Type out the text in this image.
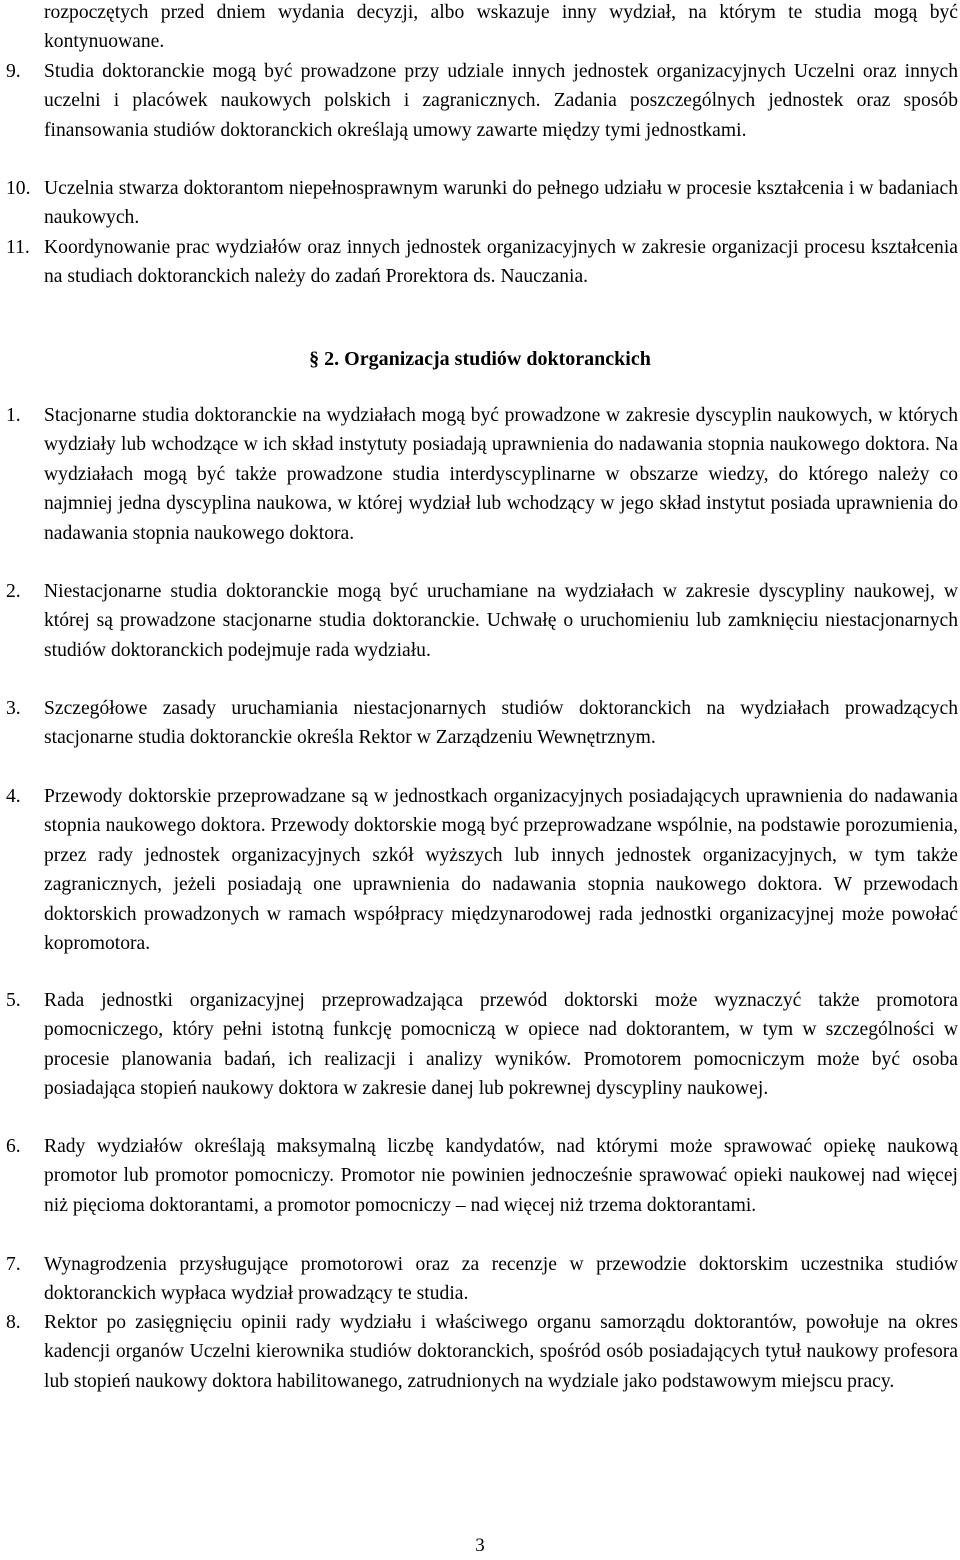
rozpoczętych przed dniem wydania decyzji, albo wskazuje inny wydział, na którym te studia mogą być kontynuowane.
9. Studia doktoranckie mogą być prowadzone przy udziale innych jednostek organizacyjnych Uczelni oraz innych uczelni i placówek naukowych polskich i zagranicznych. Zadania poszczególnych jednostek oraz sposób finansowania studiów doktoranckich określają umowy zawarte między tymi jednostkami.
10. Uczelnia stwarza doktorantom niepełnosprawnym warunki do pełnego udziału w procesie kształcenia i w badaniach naukowych.
11. Koordynowanie prac wydziałów oraz innych jednostek organizacyjnych w zakresie organizacji procesu kształcenia na studiach doktoranckich należy do zadań Prorektora ds. Nauczania.
§ 2. Organizacja studiów doktoranckich
1. Stacjonarne studia doktoranckie na wydziałach mogą być prowadzone w zakresie dyscyplin naukowych, w których wydziały lub wchodzące w ich skład instytuty posiadają uprawnienia do nadawania stopnia naukowego doktora. Na wydziałach mogą być także prowadzone studia interdyscyplinarne w obszarze wiedzy, do którego należy co najmniej jedna dyscyplina naukowa, w której wydział lub wchodzący w jego skład instytut posiada uprawnienia do nadawania stopnia naukowego doktora.
2. Niestacjonarne studia doktoranckie mogą być uruchamiane na wydziałach w zakresie dyscypliny naukowej, w której są prowadzone stacjonarne studia doktoranckie. Uchwałę o uruchomieniu lub zamknięciu niestacjonarnych studiów doktoranckich podejmuje rada wydziału.
3. Szczegółowe zasady uruchamiania niestacjonarnych studiów doktoranckich na wydziałach prowadzących stacjonarne studia doktoranckie określa Rektor w Zarządzeniu Wewnętrznym.
4. Przewody doktorskie przeprowadzane są w jednostkach organizacyjnych posiadających uprawnienia do nadawania stopnia naukowego doktora. Przewody doktorskie mogą być przeprowadzane wspólnie, na podstawie porozumienia, przez rady jednostek organizacyjnych szkół wyższych lub innych jednostek organizacyjnych, w tym także zagranicznych, jeżeli posiadają one uprawnienia do nadawania stopnia naukowego doktora. W przewodach doktorskich prowadzonych w ramach współpracy międzynarodowej rada jednostki organizacyjnej może powołać kopromotora.
5. Rada jednostki organizacyjnej przeprowadzająca przewód doktorski może wyznaczyć także promotora pomocniczego, który pełni istotną funkcję pomocniczą w opiece nad doktorantem, w tym w szczególności w procesie planowania badań, ich realizacji i analizy wyników. Promotorem pomocniczym może być osoba posiadająca stopień naukowy doktora w zakresie danej lub pokrewnej dyscypliny naukowej.
6. Rady wydziałów określają maksymalną liczbę kandydatów, nad którymi może sprawować opiekę naukową promotor lub promotor pomocniczy. Promotor nie powinien jednocześnie sprawować opieki naukowej nad więcej niż pięcioma doktorantami, a promotor pomocniczy – nad więcej niż trzema doktorantami.
7. Wynagrodzenia przysługujące promotorowi oraz za recenzje w przewodzie doktorskim uczestnika studiów doktoranckich wypłaca wydział prowadzący te studia.
8. Rektor po zasięgnięciu opinii rady wydziału i właściwego organu samorządu doktorantów, powołuje na okres kadencji organów Uczelni kierownika studiów doktoranckich, spośród osób posiadających tytuł naukowy profesora lub stopień naukowy doktora habilitowanego, zatrudnionych na wydziale jako podstawowym miejscu pracy.
3
